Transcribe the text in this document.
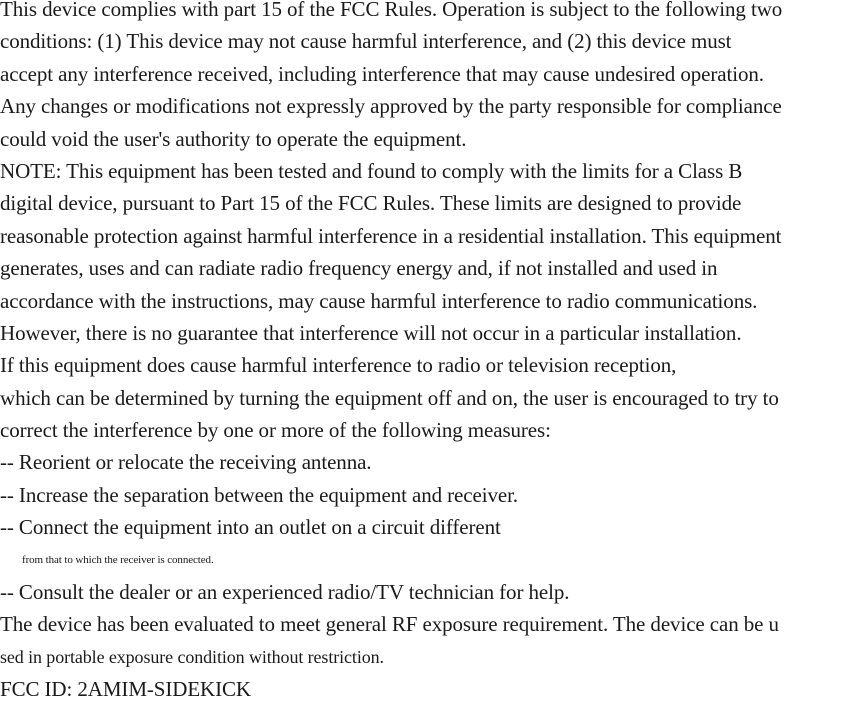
This device complies with part 15 of the FCC Rules. Operation is subject to the following two
conditions: (1) This device may not cause harmful interference, and (2) this device must
accept any interference received, including interference that may cause undesired operation.
Any changes or modifications not expressly approved by the party responsible for compliance
could void the user's authority to operate the equipment.
NOTE: This equipment has been tested and found to comply with the limits for a Class B
digital device, pursuant to Part 15 of the FCC Rules. These limits are designed to provide
reasonable protection against harmful interference in a residential installation. This equipment
generates, uses and can radiate radio frequency energy and, if not installed and used in
accordance with the instructions, may cause harmful interference to radio communications.
However, there is no guarantee that interference will not occur in a particular installation.
If this equipment does cause harmful interference to radio or television reception,
which can be determined by turning the equipment off and on, the user is encouraged to try to
correct the interference by one or more of the following measures:
-- Reorient or relocate the receiving antenna.
-- Increase the separation between the equipment and receiver.
-- Connect the equipment into an outlet on a circuit different
from that to which the receiver is connected.
-- Consult the dealer or an experienced radio/TV technician for help.
The device has been evaluated to meet general RF exposure requirement. The device can be u
sed in portable exposure condition without restriction.
FCC ID: 2AMIM-SIDEKICK
